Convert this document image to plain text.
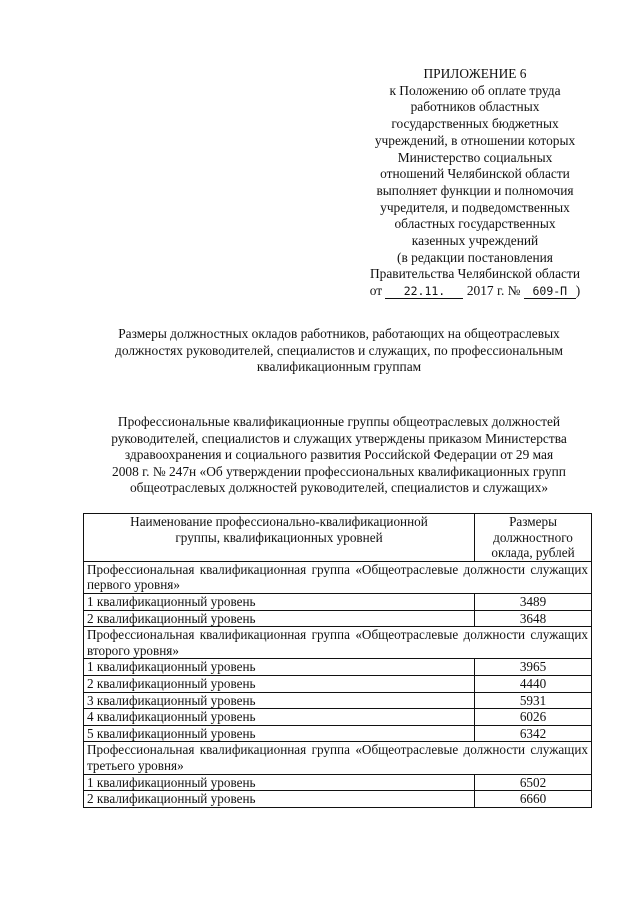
ПРИЛОЖЕНИЕ 6
к Положению об оплате труда
работников областных
государственных бюджетных
учреждений, в отношении которых
Министерство социальных
отношений Челябинской области
выполняет функции и полномочия
учредителя, и подведомственных
областных государственных
казенных учреждений
(в редакции постановления
Правительства Челябинской области
от 22.11. 2017 г. № 609-П )
Размеры должностных окладов работников, работающих на общеотраслевых
должностях руководителей, специалистов и служащих, по профессиональным
квалификационным группам
Профессиональные квалификационные группы общеотраслевых должностей
руководителей, специалистов и служащих утверждены приказом Министерства
здравоохранения и социального развития Российской Федерации от 29 мая
2008 г. № 247н «Об утверждении профессиональных квалификационных групп
общеотраслевых должностей руководителей, специалистов и служащих»
Наименование профессионально-квалификационной
группы, квалификационных уровней	Размеры
должностного
оклада, рублей

Профессиональная квалификационная группа «Общеотраслевые должности служащих первого уровня»	
1 квалификационный уровень	3489
2 квалификационный уровень	3648
Профессиональная квалификационная группа «Общеотраслевые должности служащих второго уровня»	
1 квалификационный уровень	3965
2 квалификационный уровень	4440
3 квалификационный уровень	5931
4 квалификационный уровень	6026
5 квалификационный уровень	6342
Профессиональная квалификационная группа «Общеотраслевые должности служащих третьего уровня»	
1 квалификационный уровень	6502
2 квалификационный уровень	6660
